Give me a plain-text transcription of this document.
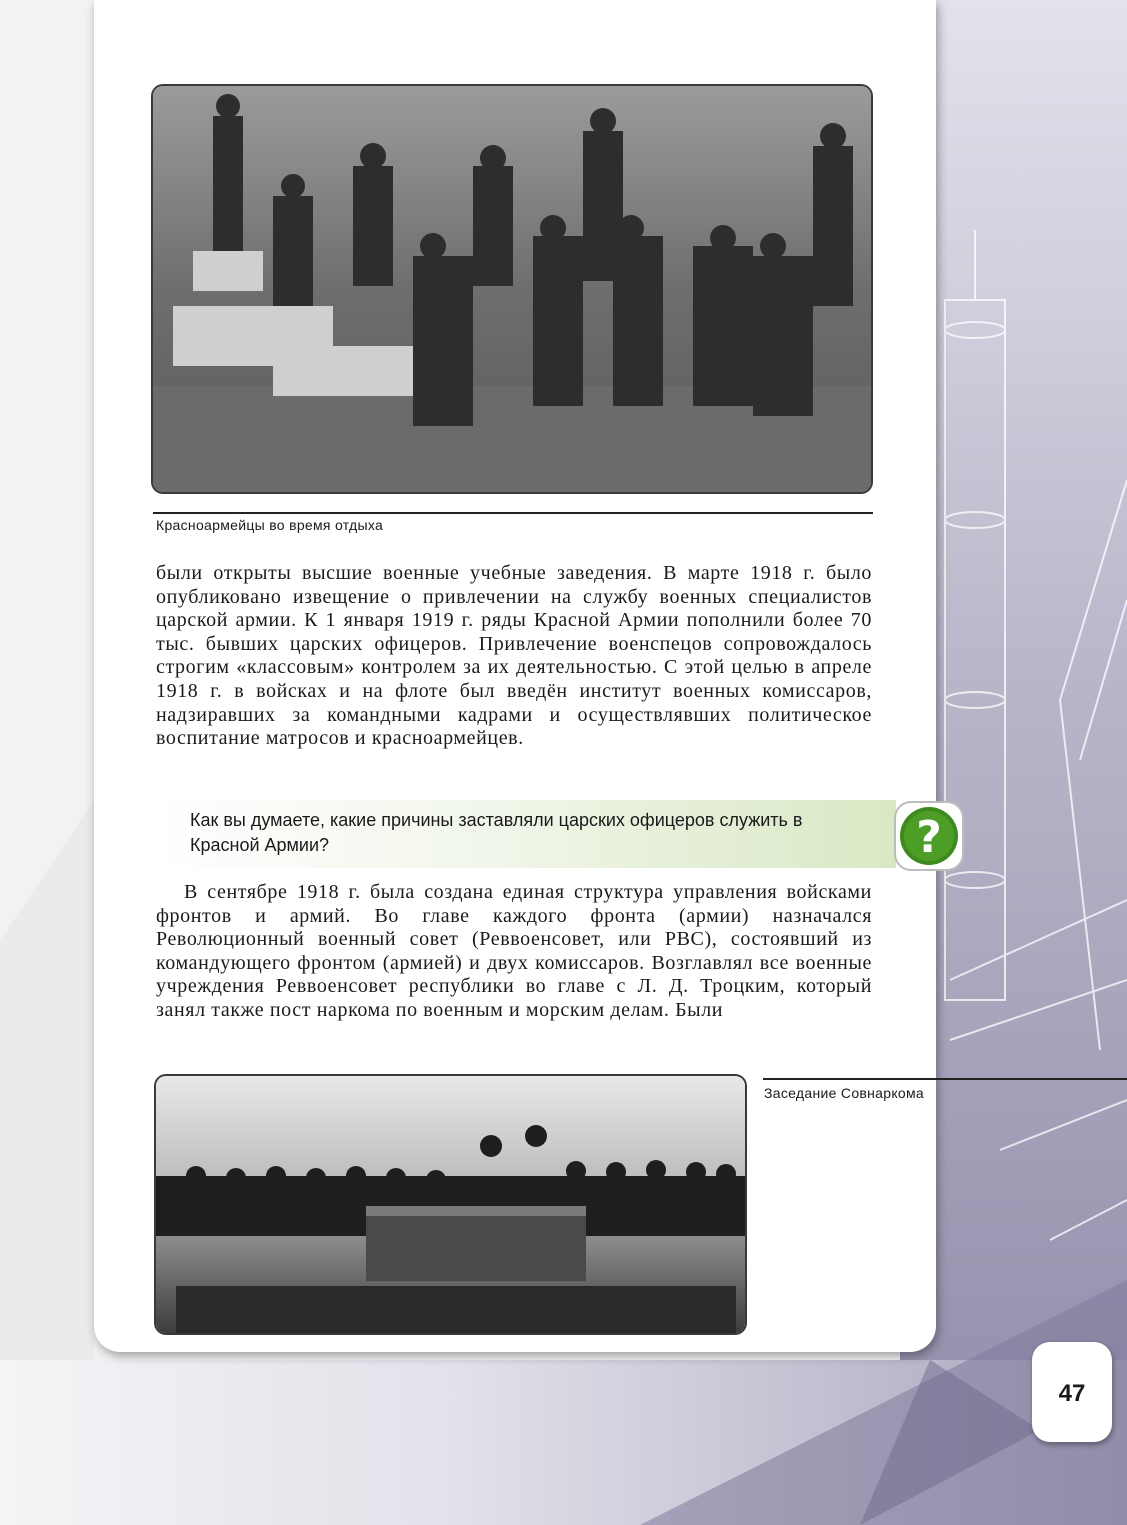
Красноармейцы во время отдыха

были открыты высшие военные учебные заведения. В марте 1918 г. было опубликовано извещение о привлечении на службу военных специалистов царской армии. К 1 января 1919 г. ряды Красной Армии пополнили более 70 тыс. бывших царских офицеров. Привлечение военспецов сопровождалось строгим «классовым» контролем за их деятельностью. С этой целью в апреле 1918 г. в войсках и на флоте был введён институт военных комиссаров, надзиравших за командными кадрами и осуществлявших политическое воспитание матросов и красноармейцев.

Как вы думаете, какие причины заставляли царских офицеров служить в Красной Армии?	?

В сентябре 1918 г. была создана единая структура управления войсками фронтов и армий. Во главе каждого фронта (армии) назначался Революционный военный совет (Реввоенсовет, или РВС), состоявший из командующего фронтом (армией) и двух комиссаров. Возглавлял все военные учреждения Реввоенсовет республики во главе с Л. Д. Троцким, который занял также пост наркома по военным и морским делам. Были

Заседание Совнаркома
47
